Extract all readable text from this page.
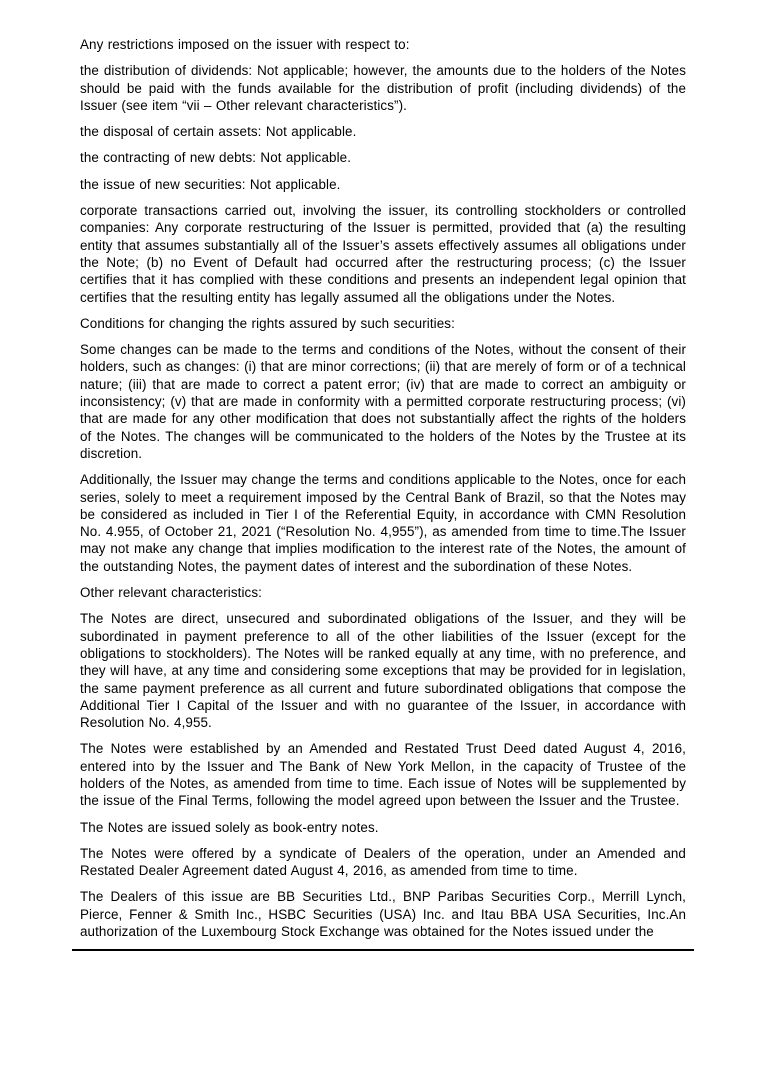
Any restrictions imposed on the issuer with respect to:

the distribution of dividends: Not applicable; however, the amounts due to the holders of the Notes should be paid with the funds available for the distribution of profit (including dividends) of the Issuer (see item “vii – Other relevant characteristics”).

the disposal of certain assets: Not applicable.

the contracting of new debts: Not applicable.

the issue of new securities: Not applicable.

corporate transactions carried out, involving the issuer, its controlling stockholders or controlled companies: Any corporate restructuring of the Issuer is permitted, provided that (a) the resulting entity that assumes substantially all of the Issuer’s assets effectively assumes all obligations under the Note; (b) no Event of Default had occurred after the restructuring process; (c) the Issuer certifies that it has complied with these conditions and presents an independent legal opinion that certifies that the resulting entity has legally assumed all the obligations under the Notes.

Conditions for changing the rights assured by such securities:

Some changes can be made to the terms and conditions of the Notes, without the consent of their holders, such as changes: (i) that are minor corrections; (ii) that are merely of form or of a technical nature; (iii) that are made to correct a patent error; (iv) that are made to correct an ambiguity or inconsistency; (v) that are made in conformity with a permitted corporate restructuring process; (vi) that are made for any other modification that does not substantially affect the rights of the holders of the Notes. The changes will be communicated to the holders of the Notes by the Trustee at its discretion.

Additionally, the Issuer may change the terms and conditions applicable to the Notes, once for each series, solely to meet a requirement imposed by the Central Bank of Brazil, so that the Notes may be considered as included in Tier I of the Referential Equity, in accordance with CMN Resolution No. 4.955, of October 21, 2021 (“Resolution No. 4,955”), as amended from time to time.The Issuer may not make any change that implies modification to the interest rate of the Notes, the amount of the outstanding Notes, the payment dates of interest and the subordination of these Notes.

Other relevant characteristics:

The Notes are direct, unsecured and subordinated obligations of the Issuer, and they will be subordinated in payment preference to all of the other liabilities of the Issuer (except for the obligations to stockholders). The Notes will be ranked equally at any time, with no preference, and they will have, at any time and considering some exceptions that may be provided for in legislation, the same payment preference as all current and future subordinated obligations that compose the Additional Tier I Capital of the Issuer and with no guarantee of the Issuer, in accordance with Resolution No. 4,955.

The Notes were established by an Amended and Restated Trust Deed dated August 4, 2016, entered into by the Issuer and The Bank of New York Mellon, in the capacity of Trustee of the holders of the Notes, as amended from time to time. Each issue of Notes will be supplemented by the issue of the Final Terms, following the model agreed upon between the Issuer and the Trustee.

The Notes are issued solely as book-entry notes.

The Notes were offered by a syndicate of Dealers of the operation, under an Amended and Restated Dealer Agreement dated August 4, 2016, as amended from time to time.

The Dealers of this issue are BB Securities Ltd., BNP Paribas Securities Corp., Merrill Lynch, Pierce, Fenner & Smith Inc., HSBC Securities (USA) Inc. and Itau BBA USA Securities, Inc.An authorization of the Luxembourg Stock Exchange was obtained for the Notes issued under the
